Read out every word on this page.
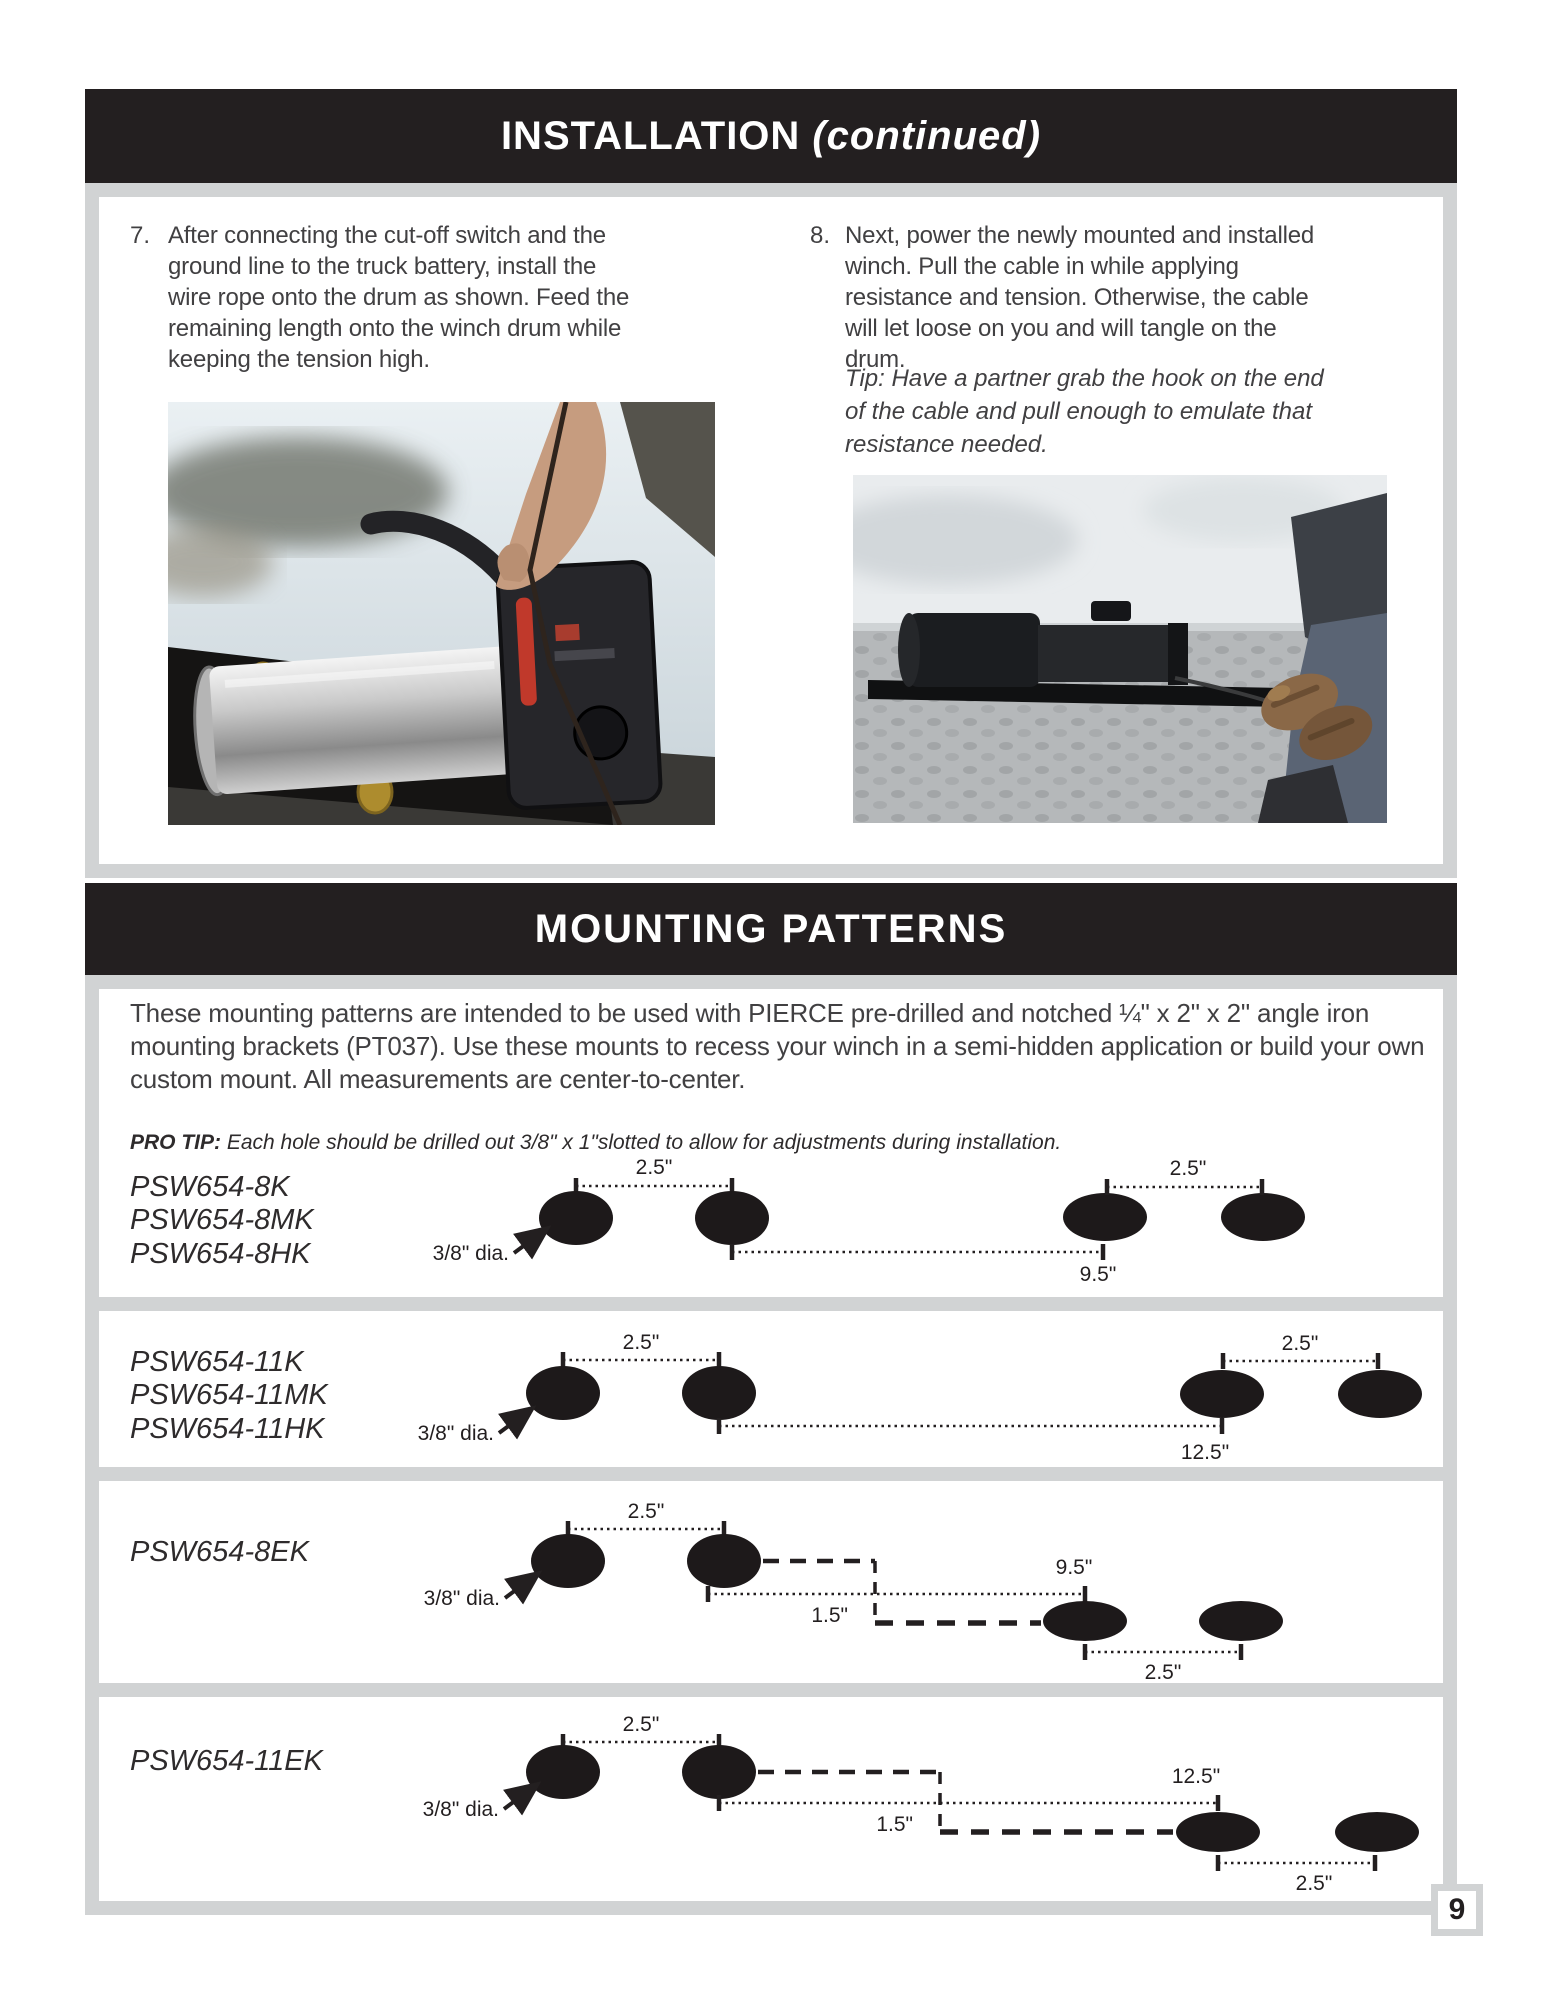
INSTALLATION (continued)
7. After connecting the cut-off switch and the ground line to the truck battery, install the wire rope onto the drum as shown. Feed the remaining length onto the winch drum while keeping the tension high.
8. Next, power the newly mounted and installed winch. Pull the cable in while applying resistance and tension. Otherwise, the cable will let loose on you and will tangle on the drum.
Tip: Have a partner grab the hook on the end of the cable and pull enough to emulate that resistance needed.
MOUNTING PATTERNS
These mounting patterns are intended to be used with PIERCE pre-drilled and notched ¼" x 2" x 2" angle iron mounting brackets (PT037). Use these mounts to recess your winch in a semi-hidden application or build your own custom mount. All measurements are center-to-center.
PRO TIP: Each hole should be drilled out 3/8" x 1"slotted to allow for adjustments during installation.
PSW654-8K
PSW654-8MK
PSW654-8HK
2.5"	2.5"
9.5"
3/8" dia.
PSW654-11K
PSW654-11MK
PSW654-11HK
2.5"	2.5"
12.5"
3/8" dia.
PSW654-8EK
2.5"
3/8" dia.
9.5"
1.5"
2.5"
PSW654-11EK
2.5"
3/8" dia.
12.5"
1.5"
2.5"
9
